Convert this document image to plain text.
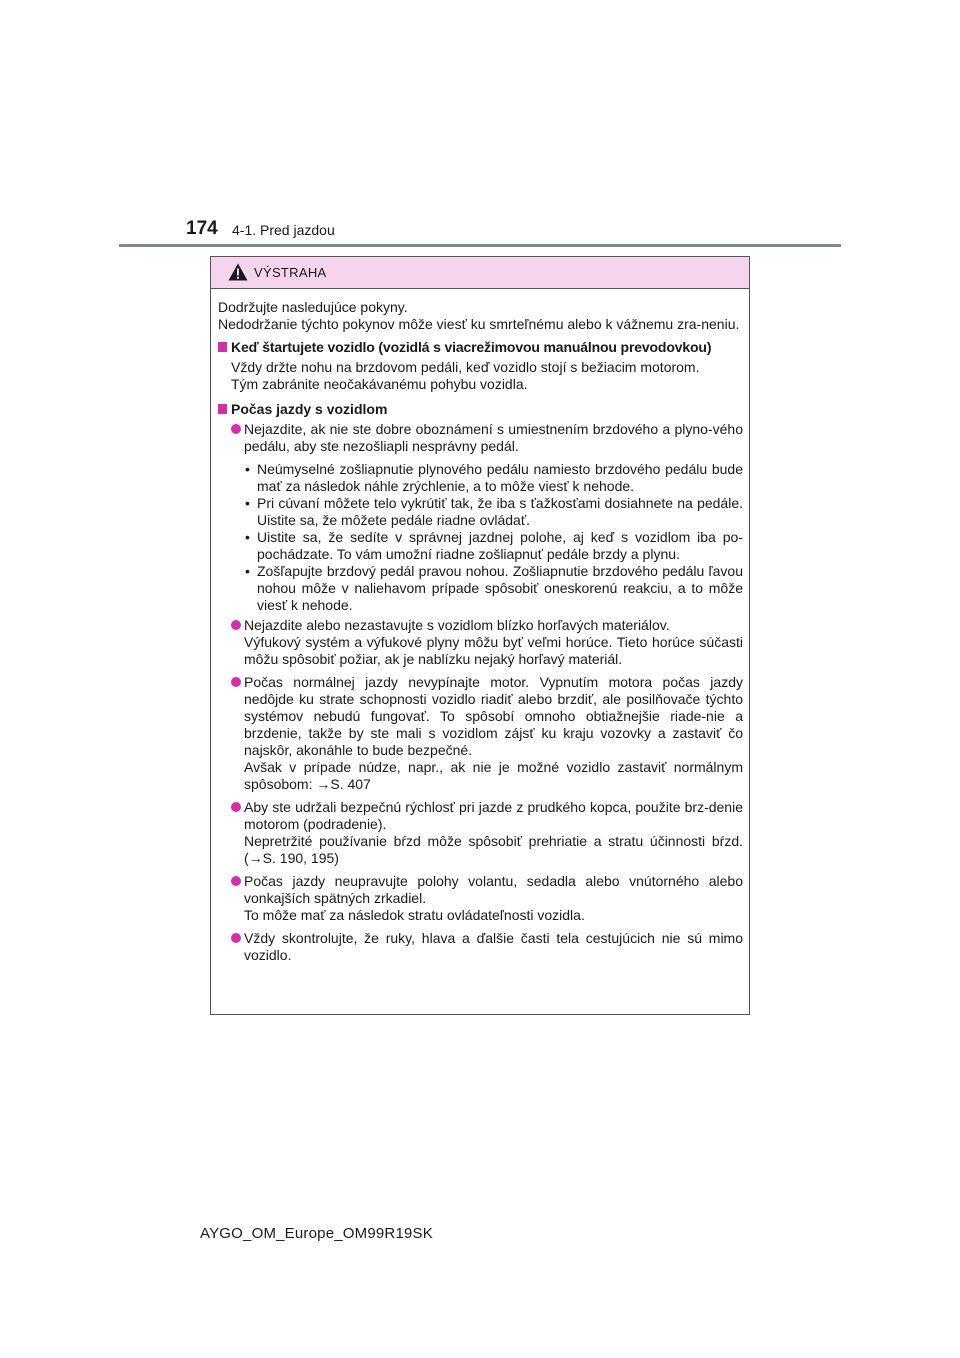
174 4-1. Pred jazdou
VÝSTRAHA

Dodržujte nasledujúce pokyny.

Nedodržanie týchto pokynov môže viesť ku smrteľnému alebo k vážnemu zra-neniu.

Keď štartujete vozidlo (vozidlá s viacrežimovou manuálnou prevodovkou)

Vždy držte nohu na brzdovom pedáli, keď vozidlo stojí s bežiacim motorom.
Tým zabránite neočakávanému pohybu vozidla.

Počas jazdy s vozidlom

Nejazdite, ak nie ste dobre oboznámení s umiestnením brzdového a plyno-vého pedálu, aby ste nezošliapli nesprávny pedál.

• Neúmyselné zošliapnutie plynového pedálu namiesto brzdového pedálu bude mať za následok náhle zrýchlenie, a to môže viesť k nehode.

• Pri cúvaní môžete telo vykrútiť tak, že iba s ťažkosťami dosiahnete na pedále. Uistite sa, že môžete pedále riadne ovládať.

• Uistite sa, že sedíte v správnej jazdnej polohe, aj keď s vozidlom iba po-pochádzate. To vám umožní riadne zošliapnuť pedále brzdy a plynu.

• Zošľapujte brzdový pedál pravou nohou. Zošliapnutie brzdového pedálu ľavou nohou môže v naliehavom prípade spôsobiť oneskorenú reakciu, a to môže viesť k nehode.

Nejazdite alebo nezastavujte s vozidlom blízko horľavých materiálov.
Výfukový systém a výfukové plyny môžu byť veľmi horúce. Tieto horúce súčasti môžu spôsobiť požiar, ak je nablízku nejaký horľavý materiál.
Počas normálnej jazdy nevypínajte motor. Vypnutím motora počas jazdy nedôjde ku strate schopnosti vozidlo riadiť alebo brzdiť, ale posilňovače týchto systémov nebudú fungovať. To spôsobí omnoho obtiažnejšie riade-nie a brzdenie, takže by ste mali s vozidlom zájsť ku kraju vozovky a zastaviť čo najskôr, akonáhle to bude bezpečné.
Avšak v prípade núdze, napr., ak nie je možné vozidlo zastaviť normálnym spôsobom: →S. 407
Aby ste udržali bezpečnú rýchlosť pri jazde z prudkého kopca, použite brz-denie motorom (podradenie).
Nepretržité používanie bŕzd môže spôsobiť prehriatie a stratu účinnosti bŕzd. (→S. 190, 195)
Počas jazdy neupravujte polohy volantu, sedadla alebo vnútorného alebo vonkajších spätných zrkadiel.
To môže mať za následok stratu ovládateľnosti vozidla.

Vždy skontrolujte, že ruky, hlava a ďalšie časti tela cestujúcich nie sú mimo vozidlo.

AYGO_OM_Europe_OM99R19SK
